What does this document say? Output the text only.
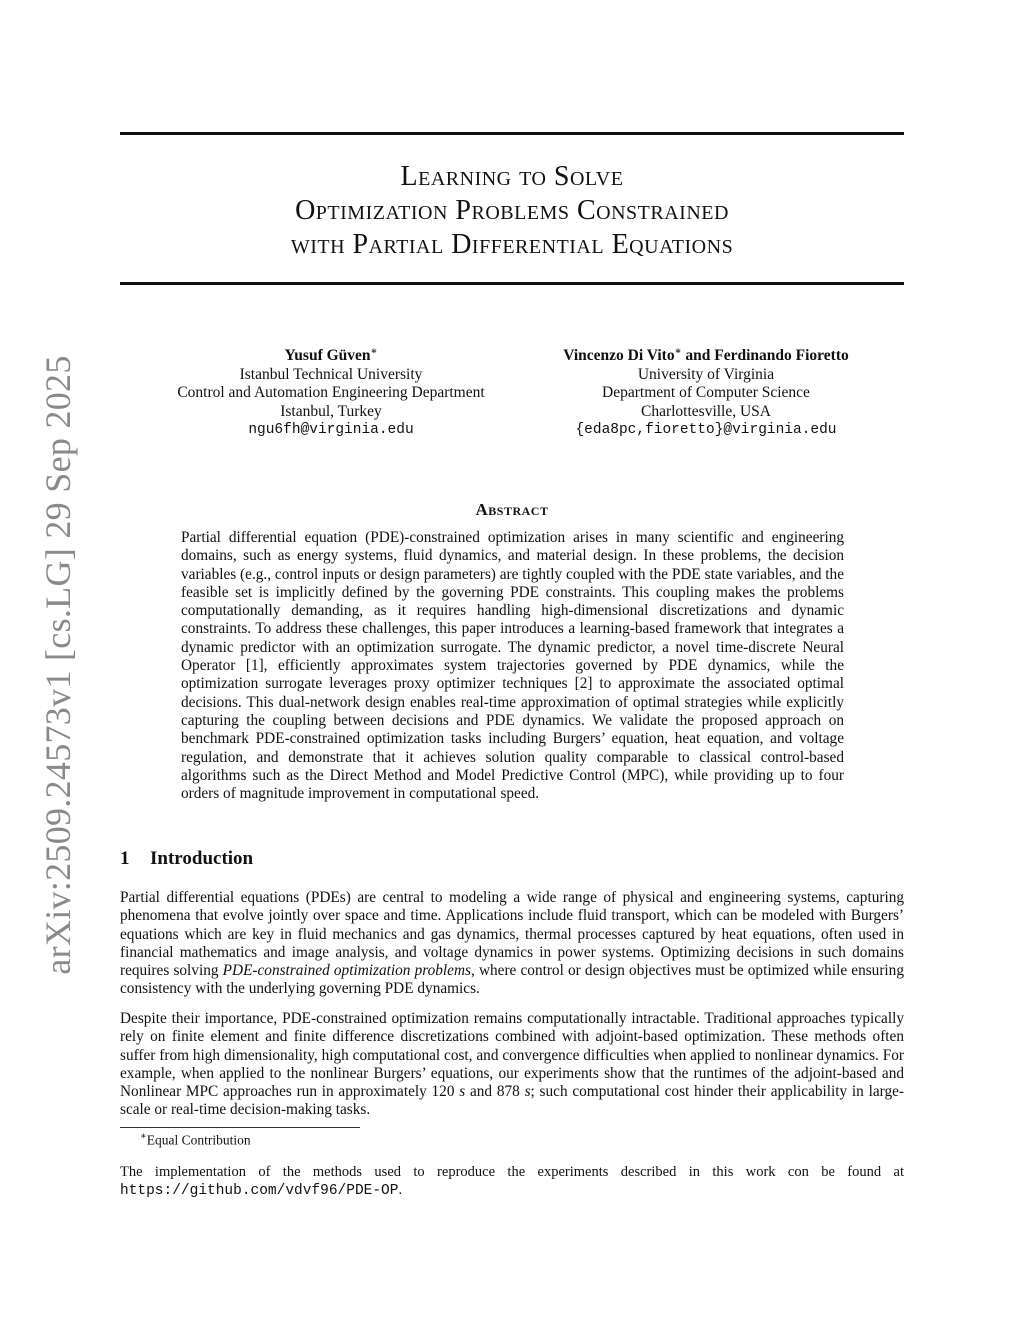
arXiv:2509.24573v1 [cs.LG] 29 Sep 2025
Learning to Solve
Optimization Problems Constrained
with Partial Differential Equations
Yusuf Güven∗
Istanbul Technical University
Control and Automation Engineering Department
Istanbul, Turkey
ngu6fh@virginia.edu
Vincenzo Di Vito∗ and Ferdinando Fioretto
University of Virginia
Department of Computer Science
Charlottesville, USA
{eda8pc,fioretto}@virginia.edu
Abstract
Partial differential equation (PDE)-constrained optimization arises in many scientific and engineering domains, such as energy systems, fluid dynamics, and material design. In these problems, the decision variables (e.g., control inputs or design parameters) are tightly coupled with the PDE state variables, and the feasible set is implicitly defined by the governing PDE constraints. This coupling makes the problems computationally demanding, as it requires handling high-dimensional discretizations and dynamic constraints. To address these challenges, this paper introduces a learning-based framework that integrates a dynamic predictor with an optimization surrogate. The dynamic predictor, a novel time-discrete Neural Operator [1], efficiently approximates system trajectories governed by PDE dynamics, while the optimization surrogate leverages proxy optimizer techniques [2] to approximate the associated optimal decisions. This dual-network design enables real-time approximation of optimal strategies while explicitly capturing the coupling between decisions and PDE dynamics. We validate the proposed approach on benchmark PDE-constrained optimization tasks including Burgers’ equation, heat equation, and voltage regulation, and demonstrate that it achieves solution quality comparable to classical control-based algorithms such as the Direct Method and Model Predictive Control (MPC), while providing up to four orders of magnitude improvement in computational speed.
1 Introduction
Partial differential equations (PDEs) are central to modeling a wide range of physical and engineering systems, capturing phenomena that evolve jointly over space and time. Applications include fluid transport, which can be modeled with Burgers’ equations which are key in fluid mechanics and gas dynamics, thermal processes captured by heat equations, often used in financial mathematics and image analysis, and voltage dynamics in power systems. Optimizing decisions in such domains requires solving PDE-constrained optimization problems, where control or design objectives must be optimized while ensuring consistency with the underlying governing PDE dynamics.
Despite their importance, PDE-constrained optimization remains computationally intractable. Traditional approaches typically rely on finite element and finite difference discretizations combined with adjoint-based optimization. These methods often suffer from high dimensionality, high computational cost, and convergence difficulties when applied to nonlinear dynamics. For example, when applied to the nonlinear Burgers’ equations, our experiments show that the runtimes of the adjoint-based and Nonlinear MPC approaches run in approximately 120 s and 878 s; such computational cost hinder their applicability in large-scale or real-time decision-making tasks.
∗Equal Contribution
The implementation of the methods used to reproduce the experiments described in this work con be found at https://github.com/vdvf96/PDE-OP.
